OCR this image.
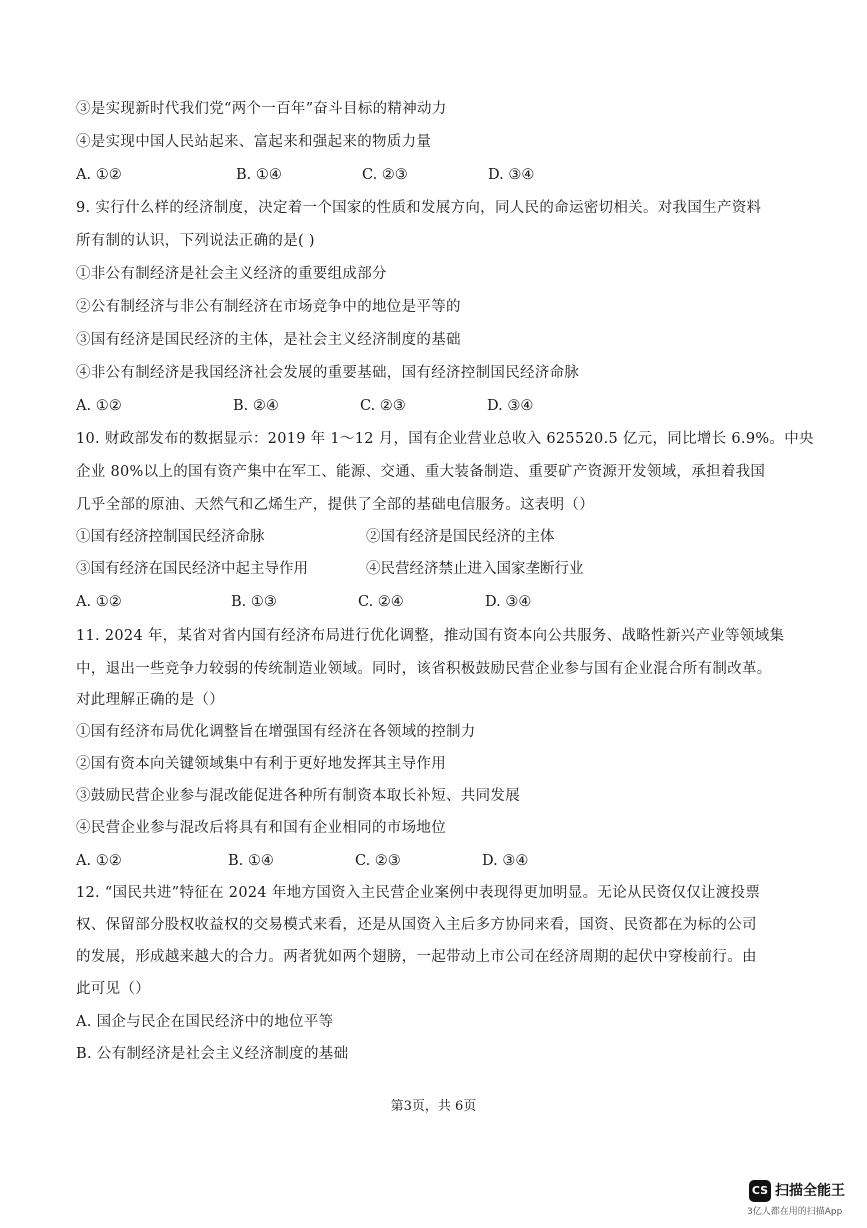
③是实现新时代我们党“两个一百年”奋斗目标的精神动力
④是实现中国人民站起来、富起来和强起来的物质力量
A. ①②	B. ①④	C. ②③	D. ③④
9. 实行什么样的经济制度，决定着一个国家的性质和发展方向，同人民的命运密切相关。对我国生产资料
所有制的认识，下列说法正确的是( )
①非公有制经济是社会主义经济的重要组成部分
②公有制经济与非公有制经济在市场竞争中的地位是平等的
③国有经济是国民经济的主体，是社会主义经济制度的基础
④非公有制经济是我国经济社会发展的重要基础，国有经济控制国民经济命脉
A. ①②	B. ②④	C. ②③	D. ③④
10. 财政部发布的数据显示：2019 年 1～12 月，国有企业营业总收入 625520.5 亿元，同比增长 6.9%。中央
企业 80%以上的国有资产集中在军工、能源、交通、重大装备制造、重要矿产资源开发领域，承担着我国
几乎全部的原油、天然气和乙烯生产，提供了全部的基础电信服务。这表明（）
①国有经济控制国民经济命脉	②国有经济是国民经济的主体
③国有经济在国民经济中起主导作用	④民营经济禁止进入国家垄断行业
A. ①②	B. ①③	C. ②④	D. ③④
11. 2024 年，某省对省内国有经济布局进行优化调整，推动国有资本向公共服务、战略性新兴产业等领域集
中，退出一些竞争力较弱的传统制造业领域。同时，该省积极鼓励民营企业参与国有企业混合所有制改革。
对此理解正确的是（）
①国有经济布局优化调整旨在增强国有经济在各领域的控制力
②国有资本向关键领域集中有利于更好地发挥其主导作用
③鼓励民营企业参与混改能促进各种所有制资本取长补短、共同发展
④民营企业参与混改后将具有和国有企业相同的市场地位
A. ①②	B. ①④	C. ②③	D. ③④
12. “国民共进”特征在 2024 年地方国资入主民营企业案例中表现得更加明显。无论从民资仅仅让渡投票
权、保留部分股权收益权的交易模式来看，还是从国资入主后多方协同来看，国资、民资都在为标的公司
的发展，形成越来越大的合力。两者犹如两个翅膀，一起带动上市公司在经济周期的起伏中穿梭前行。由
此可见（）
A. 国企与民企在国民经济中的地位平等
B. 公有制经济是社会主义经济制度的基础
第3页，共 6页
CS 扫描全能王
3亿人都在用的扫描App
